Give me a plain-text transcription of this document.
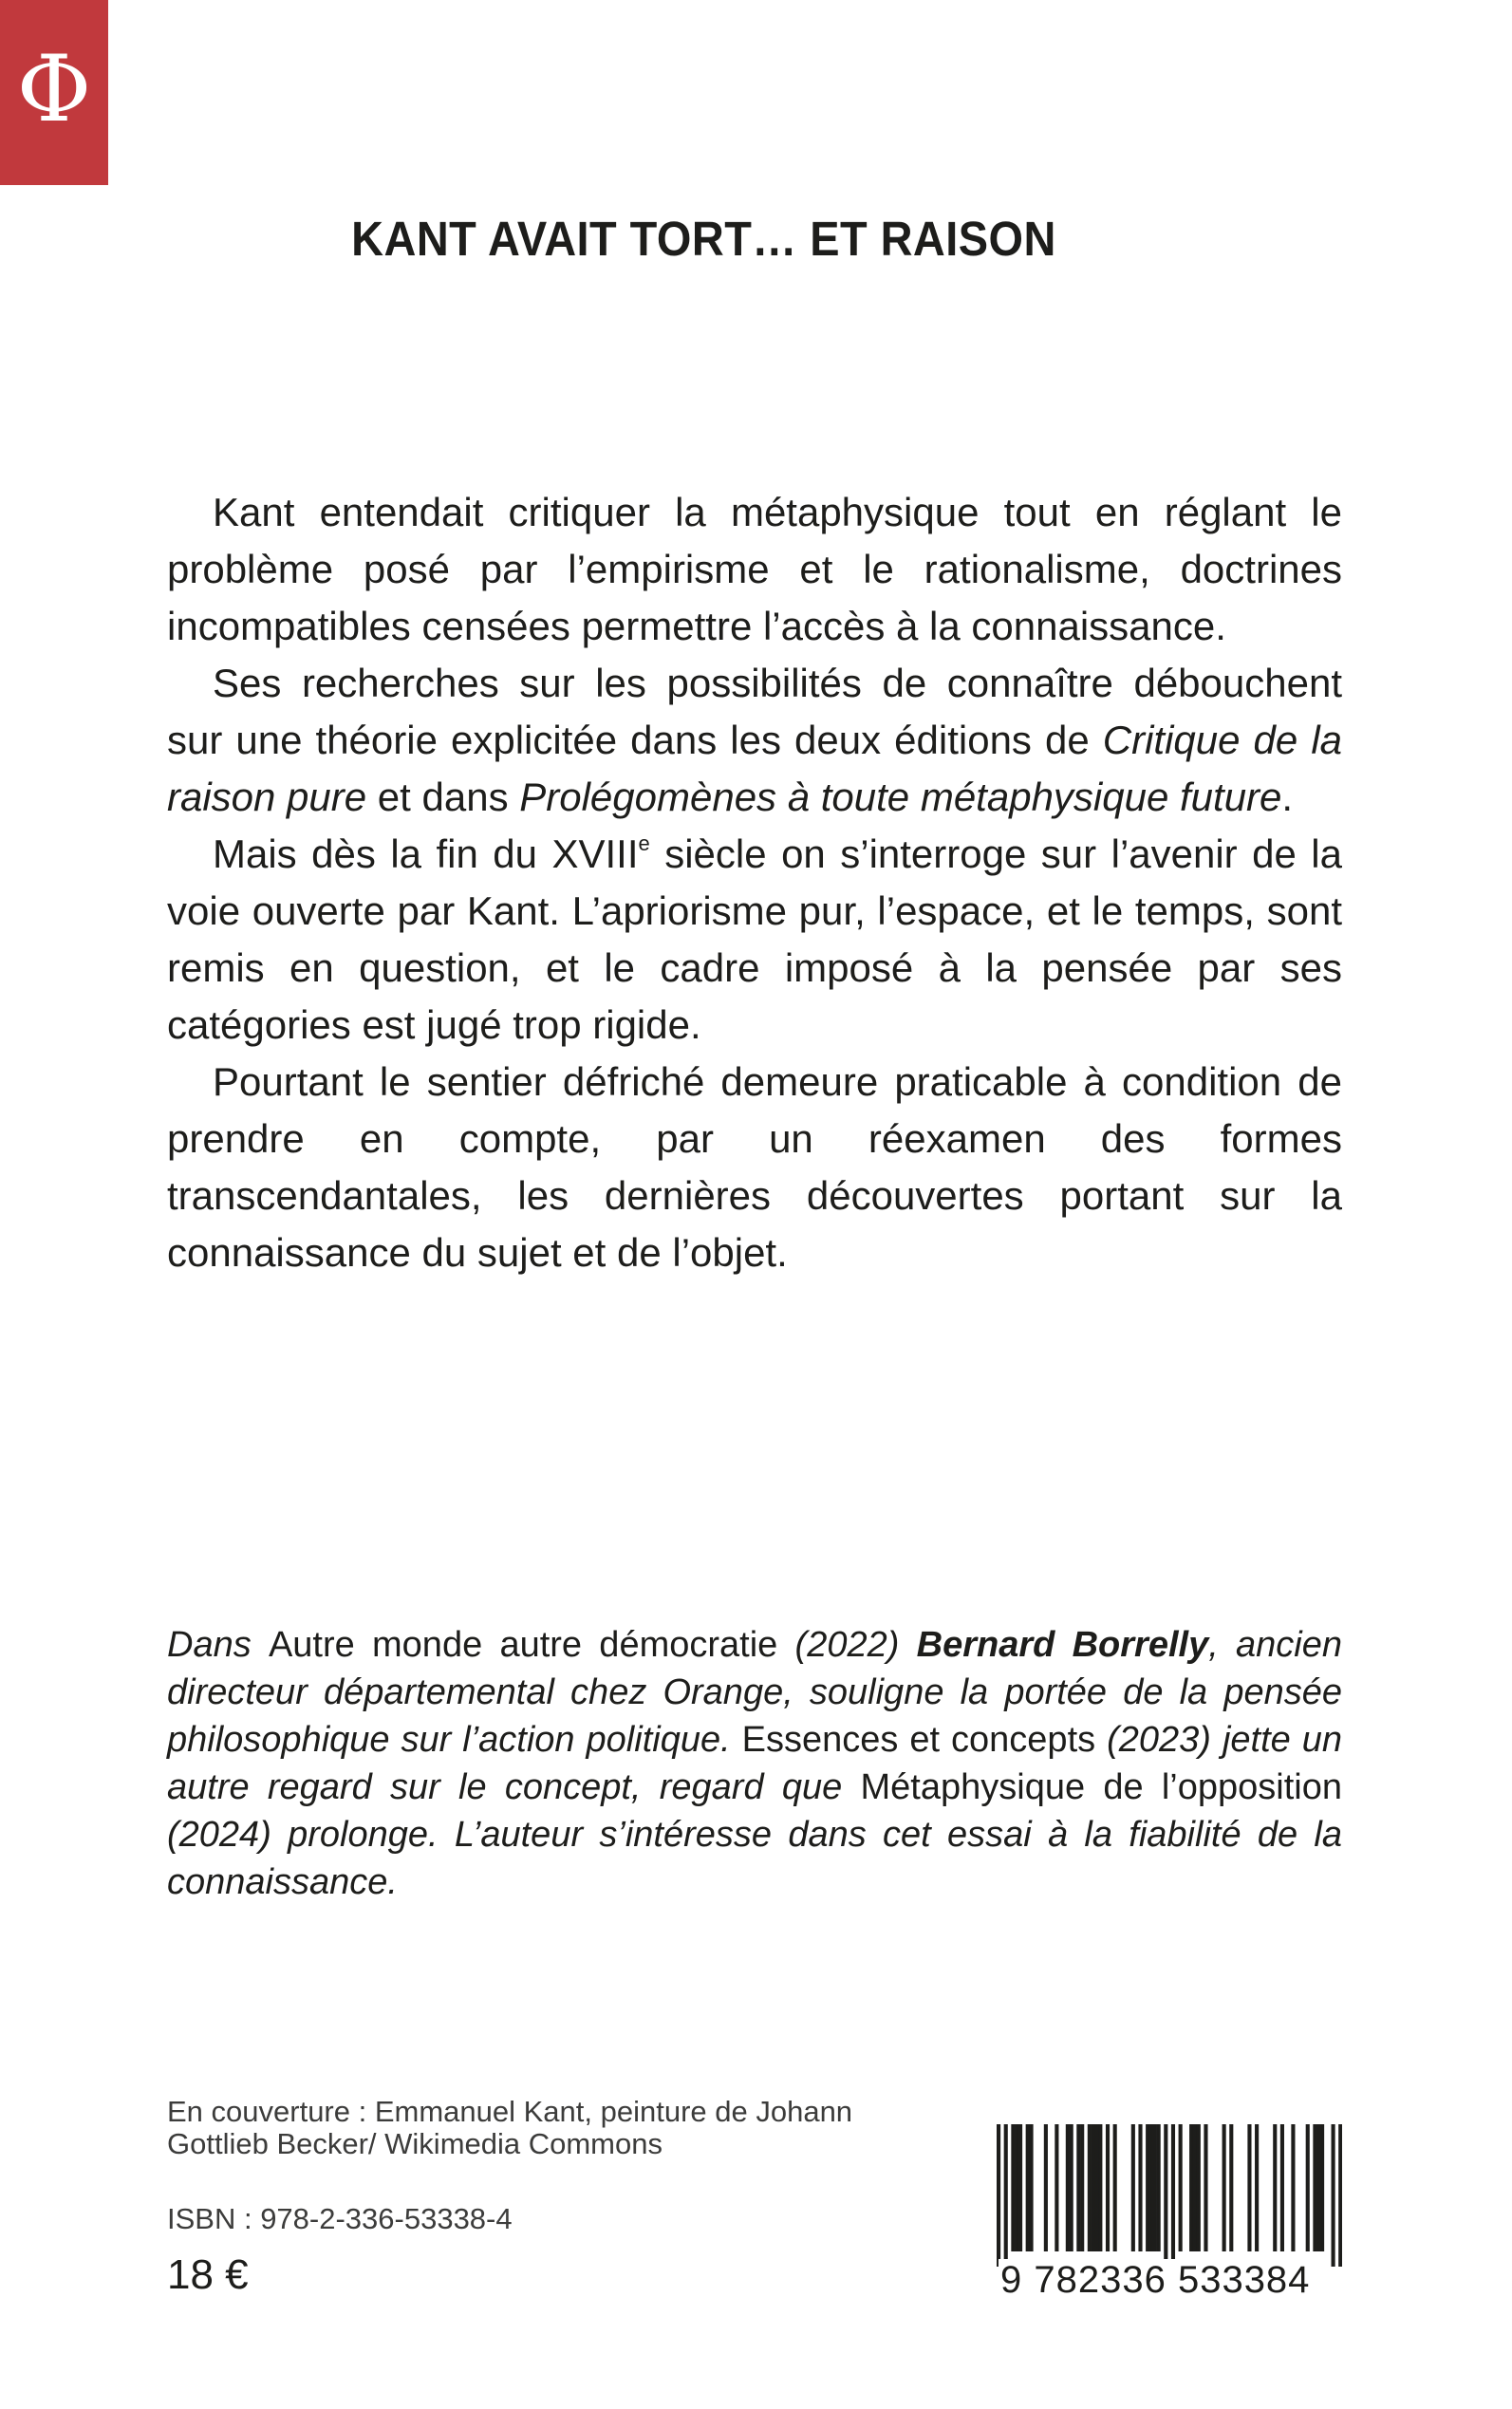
Φ
KANT AVAIT TORT… ET RAISON

Kant entendait critiquer la métaphysique tout en réglant le problème posé par l’empirisme et le rationalisme, doctrines incompatibles censées permettre l’accès à la connaissance.

Ses recherches sur les possibilités de connaître débouchent sur une théorie explicitée dans les deux éditions de Critique de la raison pure et dans Prolégomènes à toute métaphysique future.

Mais dès la fin du XVIIIe siècle on s’interroge sur l’avenir de la voie ouverte par Kant. L’apriorisme pur, l’espace, et le temps, sont remis en question, et le cadre imposé à la pensée par ses catégories est jugé trop rigide.

Pourtant le sentier défriché demeure praticable à condition de prendre en compte, par un réexamen des formes transcendantales, les dernières découvertes portant sur la connaissance du sujet et de l’objet.

Dans Autre monde autre démocratie (2022) Bernard Borrelly, ancien directeur départemental chez Orange, souligne la portée de la pensée philosophique sur l’action politique. Essences et concepts (2023) jette un autre regard sur le concept, regard que Métaphysique de l’opposition (2024) prolonge. L’auteur s’intéresse dans cet essai à la fiabilité de la connaissance.
En couverture : Emmanuel Kant, peinture de Johann Gottlieb Becker/ Wikimedia Commons
ISBN : 978-2-336-53338-4
18 €	9 782336 533384
